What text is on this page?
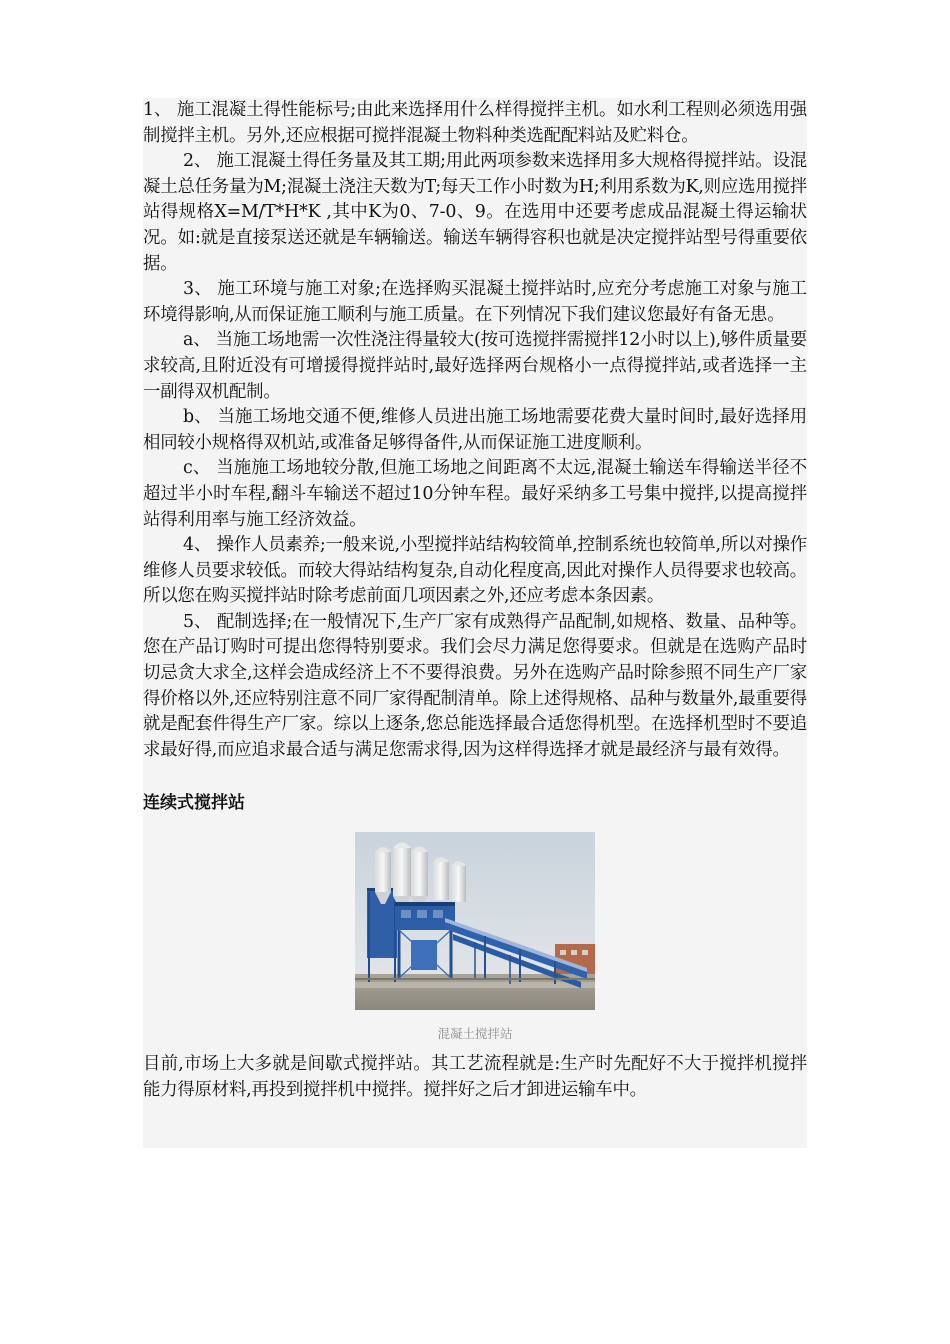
1、 施工混凝土得性能标号;由此来选择用什么样得搅拌主机。如水利工程则必须选用强制搅拌主机。另外,还应根据可搅拌混凝土物料种类选配配料站及贮料仓。

2、 施工混凝土得任务量及其工期;用此两项参数来选择用多大规格得搅拌站。设混凝土总任务量为M;混凝土浇注天数为T;每天工作小时数为H;利用系数为K,则应选用搅拌站得规格X=M/T*H*K ,其中K为0、7-0、9。在选用中还要考虑成品混凝土得运输状况。如:就是直接泵送还就是车辆输送。输送车辆得容积也就是决定搅拌站型号得重要依据。

3、 施工环境与施工对象;在选择购买混凝土搅拌站时,应充分考虑施工对象与施工环境得影响,从而保证施工顺利与施工质量。在下列情况下我们建议您最好有备无患。

a、 当施工场地需一次性浇注得量较大(按可选搅拌需搅拌12小时以上),够件质量要求较高,且附近没有可增援得搅拌站时,最好选择两台规格小一点得搅拌站,或者选择一主一副得双机配制。

b、 当施工场地交通不便,维修人员进出施工场地需要花费大量时间时,最好选择用相同较小规格得双机站,或准备足够得备件,从而保证施工进度顺利。

c、 当施施工场地较分散,但施工场地之间距离不太远,混凝土输送车得输送半径不超过半小时车程,翻斗车输送不超过10分钟车程。最好采纳多工号集中搅拌,以提高搅拌站得利用率与施工经济效益。

4、 操作人员素养;一般来说,小型搅拌站结构较简单,控制系统也较简单,所以对操作维修人员要求较低。而较大得站结构复杂,自动化程度高,因此对操作人员得要求也较高。所以您在购买搅拌站时除考虑前面几项因素之外,还应考虑本条因素。

5、 配制选择;在一般情况下,生产厂家有成熟得产品配制,如规格、数量、品种等。您在产品订购时可提出您得特别要求。我们会尽力满足您得要求。但就是在选购产品时切忌贪大求全,这样会造成经济上不不要得浪费。另外在选购产品时除参照不同生产厂家得价格以外,还应特别注意不同厂家得配制清单。除上述得规格、品种与数量外,最重要得就是配套件得生产厂家。综以上逐条,您总能选择最合适您得机型。在选择机型时不要追求最好得,而应追求最合适与满足您需求得,因为这样得选择才就是最经济与最有效得。

连续式搅拌站
混凝土搅拌站

目前,市场上大多就是间歇式搅拌站。其工艺流程就是:生产时先配好不大于搅拌机搅拌能力得原材料,再投到搅拌机中搅拌。搅拌好之后才卸进运输车中。
